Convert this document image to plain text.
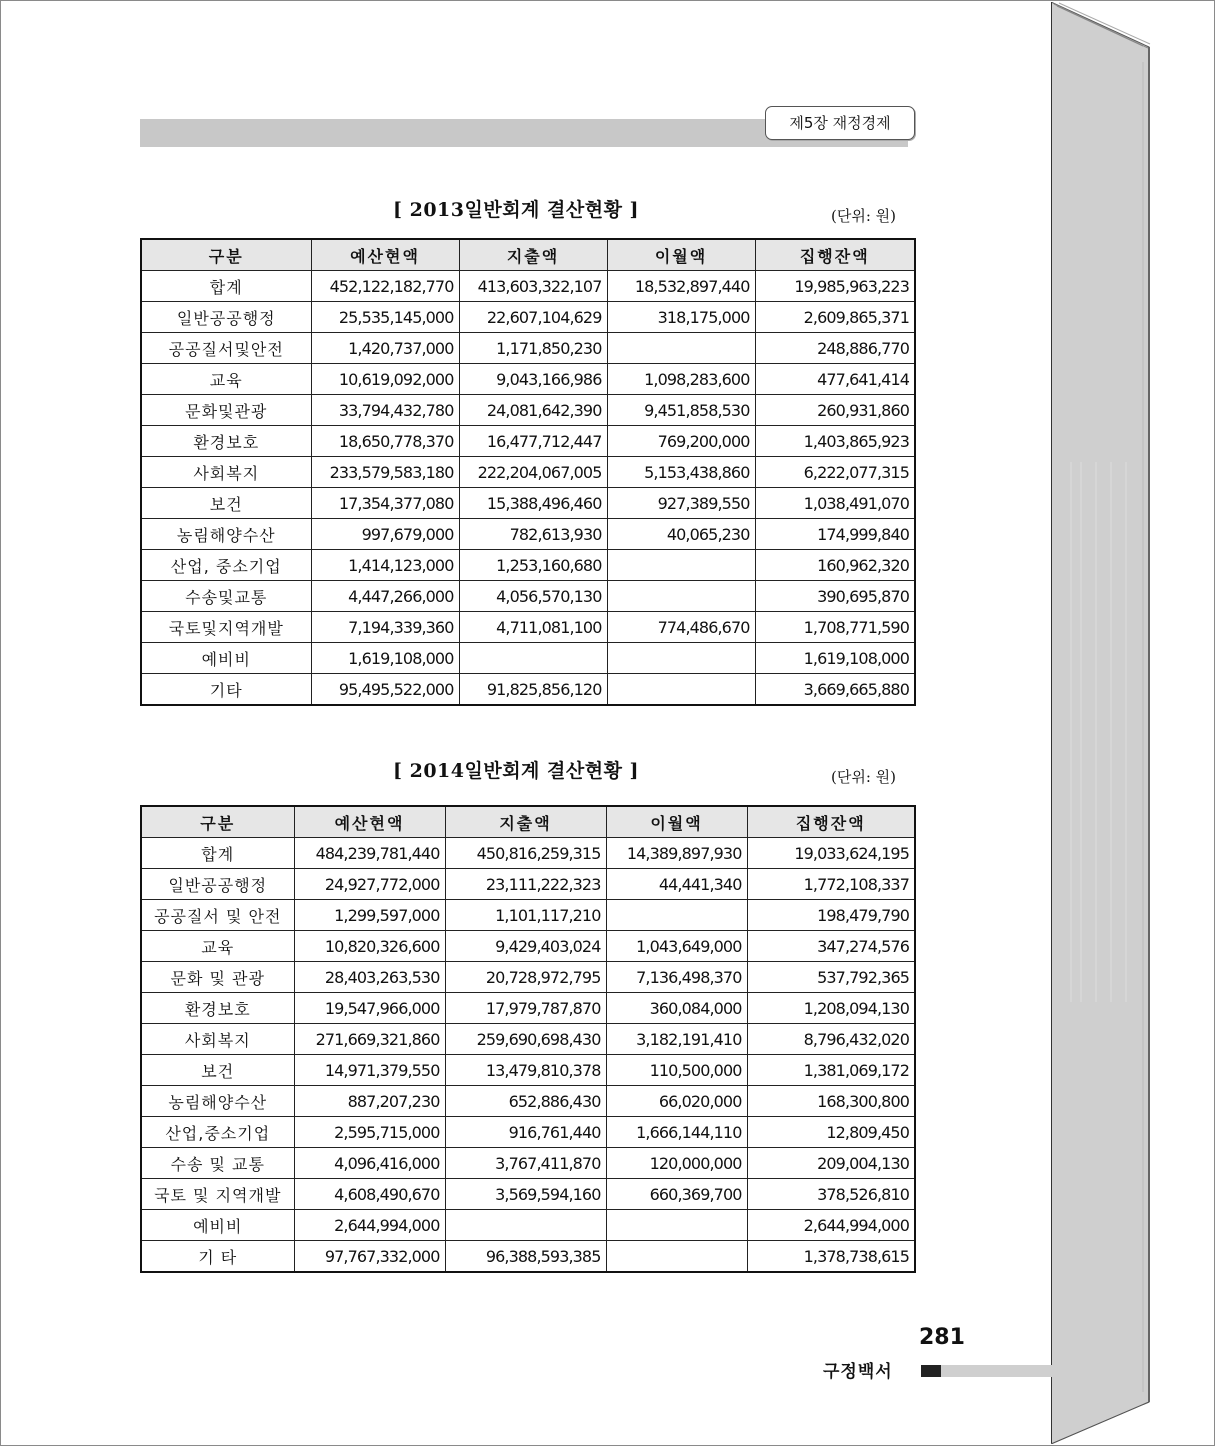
제5장 재정경제
[ 2013일반회계 결산현황 ]	(단위: 원)
구분	예산현액	지출액	이월액	집행잔액
합계	452,122,182,770	413,603,322,107	18,532,897,440	19,985,963,223
일반공공행정	25,535,145,000	22,607,104,629	318,175,000	2,609,865,371
공공질서및안전	1,420,737,000	1,171,850,230		248,886,770
교육	10,619,092,000	9,043,166,986	1,098,283,600	477,641,414
문화및관광	33,794,432,780	24,081,642,390	9,451,858,530	260,931,860
환경보호	18,650,778,370	16,477,712,447	769,200,000	1,403,865,923
사회복지	233,579,583,180	222,204,067,005	5,153,438,860	6,222,077,315
보건	17,354,377,080	15,388,496,460	927,389,550	1,038,491,070
농림해양수산	997,679,000	782,613,930	40,065,230	174,999,840
산업, 중소기업	1,414,123,000	1,253,160,680		160,962,320
수송및교통	4,447,266,000	4,056,570,130		390,695,870
국토및지역개발	7,194,339,360	4,711,081,100	774,486,670	1,708,771,590
예비비	1,619,108,000			1,619,108,000
기타	95,495,522,000	91,825,856,120		3,669,665,880
[ 2014일반회계 결산현황 ]	(단위: 원)
구분	예산현액	지출액	이월액	집행잔액
합계	484,239,781,440	450,816,259,315	14,389,897,930	19,033,624,195
일반공공행정	24,927,772,000	23,111,222,323	44,441,340	1,772,108,337
공공질서 및 안전	1,299,597,000	1,101,117,210		198,479,790
교육	10,820,326,600	9,429,403,024	1,043,649,000	347,274,576
문화 및 관광	28,403,263,530	20,728,972,795	7,136,498,370	537,792,365
환경보호	19,547,966,000	17,979,787,870	360,084,000	1,208,094,130
사회복지	271,669,321,860	259,690,698,430	3,182,191,410	8,796,432,020
보건	14,971,379,550	13,479,810,378	110,500,000	1,381,069,172
농림해양수산	887,207,230	652,886,430	66,020,000	168,300,800
산업,중소기업	2,595,715,000	916,761,440	1,666,144,110	12,809,450
수송 및 교통	4,096,416,000	3,767,411,870	120,000,000	209,004,130
국토 및 지역개발	4,608,490,670	3,569,594,160	660,369,700	378,526,810
예비비	2,644,994,000			2,644,994,000
기 타	97,767,332,000	96,388,593,385		1,378,738,615
281
구정백서
